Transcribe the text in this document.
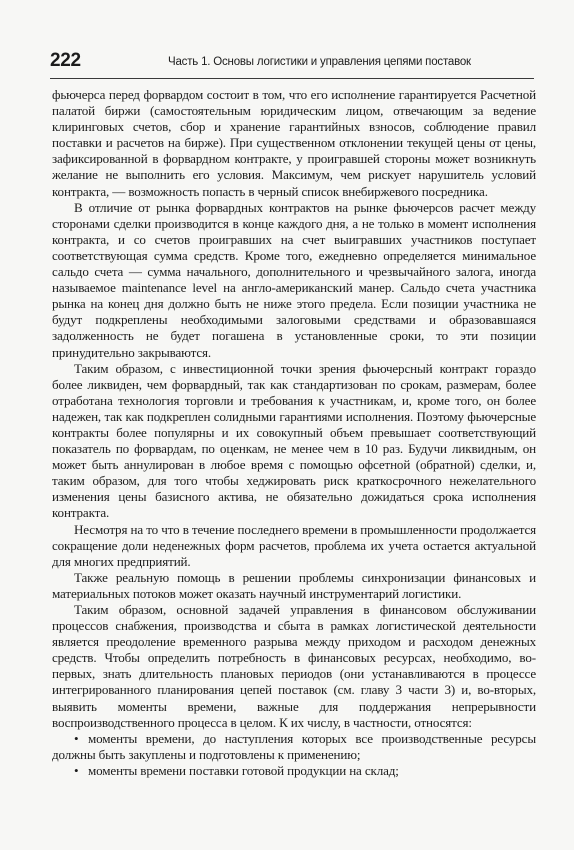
222	Часть 1. Основы логистики и управления цепями поставок

фьючерса перед форвардом состоит в том, что его исполнение гарантируется Расчетной палатой биржи (самостоятельным юридическим лицом, отвечающим за ведение клиринговых счетов, сбор и хранение гарантийных взносов, соблюдение правил поставки и расчетов на бирже). При существенном отклонении текущей цены от цены, зафиксированной в форвардном контракте, у проигравшей стороны может возникнуть желание не выполнить его условия. Максимум, чем рискует нарушитель условий контракта, — возможность попасть в черный список внебиржевого посредника.

В отличие от рынка форвардных контрактов на рынке фьючерсов расчет между сторонами сделки производится в конце каждого дня, а не только в момент исполнения контракта, и со счетов проигравших на счет выигравших участников поступает соответствующая сумма средств. Кроме того, ежедневно определяется минимальное сальдо счета — сумма начального, дополнительного и чрезвычайного залога, иногда называемое maintenance level на англо-американский манер. Сальдо счета участника рынка на конец дня должно быть не ниже этого предела. Если позиции участника не будут подкреплены необходимыми залоговыми средствами и образовавшаяся задолженность не будет погашена в установленные сроки, то эти позиции принудительно закрываются.

Таким образом, с инвестиционной точки зрения фьючерсный контракт гораздо более ликвиден, чем форвардный, так как стандартизован по срокам, размерам, более отработана технология торговли и требования к участникам, и, кроме того, он более надежен, так как подкреплен солидными гарантиями исполнения. Поэтому фьючерсные контракты более популярны и их совокупный объем превышает соответствующий показатель по форвардам, по оценкам, не менее чем в 10 раз. Будучи ликвидным, он может быть аннулирован в любое время с помощью офсетной (обратной) сделки, и, таким образом, для того чтобы хеджировать риск краткосрочного нежелательного изменения цены базисного актива, не обязательно дожидаться срока исполнения контракта.

Несмотря на то что в течение последнего времени в промышленности продолжается сокращение доли неденежных форм расчетов, проблема их учета остается актуальной для многих предприятий.

Также реальную помощь в решении проблемы синхронизации финансовых и материальных потоков может оказать научный инструментарий логистики.

Таким образом, основной задачей управления в финансовом обслуживании процессов снабжения, производства и сбыта в рамках логистической деятельности является преодоление временного разрыва между приходом и расходом денежных средств. Чтобы определить потребность в финансовых ресурсах, необходимо, во-первых, знать длительность плановых периодов (они устанавливаются в процессе интегрированного планирования цепей поставок (см. главу 3 части 3) и, во-вторых, выявить моменты времени, важные для поддержания непрерывности воспроизводственного процесса в целом. К их числу, в частности, относятся:

• моменты времени, до наступления которых все производственные ресурсы должны быть закуплены и подготовлены к применению;
• моменты времени поставки готовой продукции на склад;
